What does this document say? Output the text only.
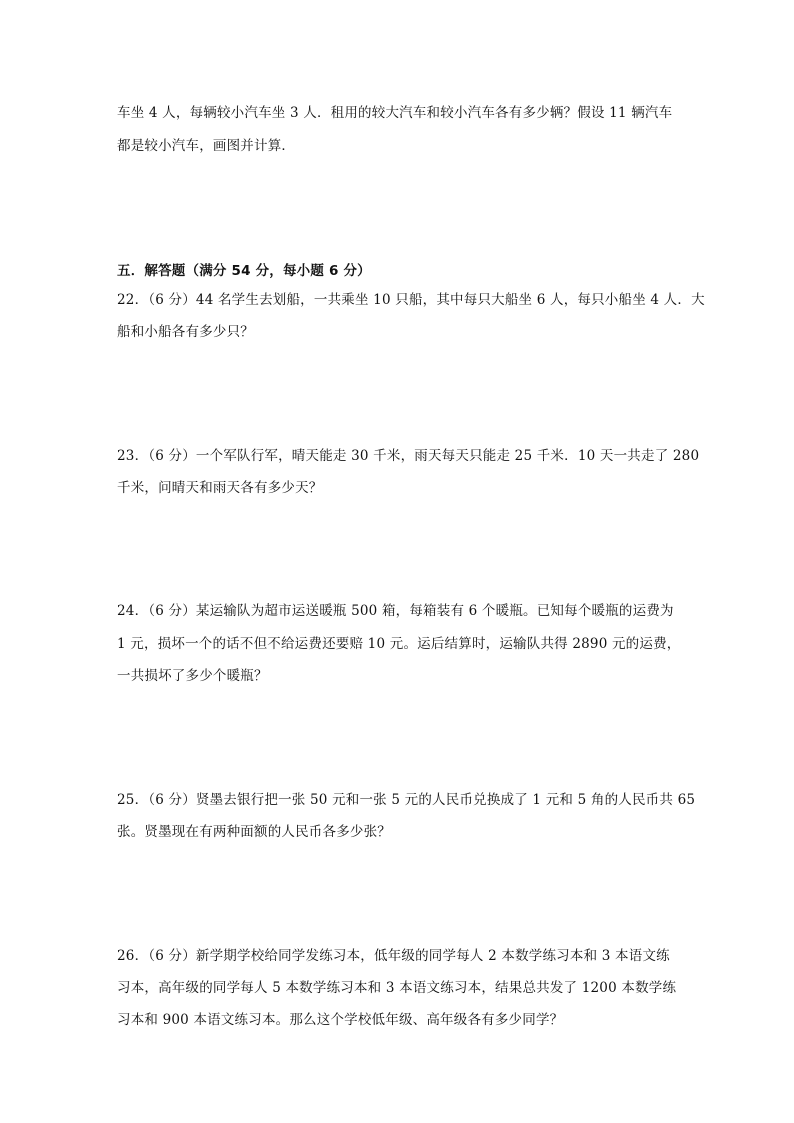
车坐 4 人，每辆较小汽车坐 3 人．租用的较大汽车和较小汽车各有多少辆？假设 11 辆汽车
都是较小汽车，画图并计算．
五．解答题（满分 54 分，每小题 6 分）
22．（6 分）44 名学生去划船，一共乘坐 10 只船，其中每只大船坐 6 人，每只小船坐 4 人．大
船和小船各有多少只？
23．（6 分）一个军队行军，晴天能走 30 千米，雨天每天只能走 25 千米．10 天一共走了 280
千米，问晴天和雨天各有多少天？
24．（6 分）某运输队为超市运送暖瓶 500 箱，每箱装有 6 个暖瓶。已知每个暖瓶的运费为
1 元，损坏一个的话不但不给运费还要赔 10 元。运后结算时，运输队共得 2890 元的运费，
一共损坏了多少个暖瓶？
25．（6 分）贤墨去银行把一张 50 元和一张 5 元的人民币兑换成了 1 元和 5 角的人民币共 65
张。贤墨现在有两种面额的人民币各多少张？
26．（6 分）新学期学校给同学发练习本，低年级的同学每人 2 本数学练习本和 3 本语文练
习本，高年级的同学每人 5 本数学练习本和 3 本语文练习本，结果总共发了 1200 本数学练
习本和 900 本语文练习本。那么这个学校低年级、高年级各有多少同学？
